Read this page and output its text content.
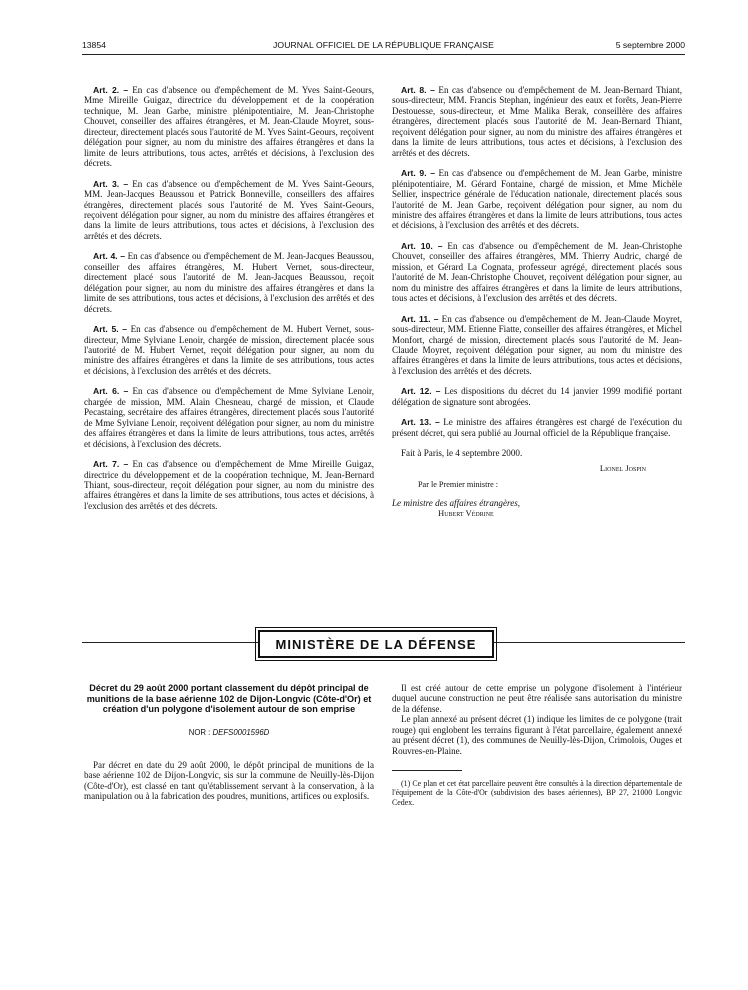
13854	JOURNAL OFFICIEL DE LA RÉPUBLIQUE FRANÇAISE	5 septembre 2000

Art. 2. – En cas d'absence ou d'empêchement de M. Yves Saint-Geours, Mme Mireille Guigaz, directrice du développement et de la coopération technique, M. Jean Garbe, ministre plénipotentiaire, M. Jean-Christophe Chouvet, conseiller des affaires étrangères, et M. Jean-Claude Moyret, sous-directeur, directement placés sous l'autorité de M. Yves Saint-Geours, reçoivent délégation pour signer, au nom du ministre des affaires étrangères et dans la limite de leurs attributions, tous actes, arrêtés et décisions, à l'exclusion des décrets.

Art. 3. – En cas d'absence ou d'empêchement de M. Yves Saint-Geours, MM. Jean-Jacques Beaussou et Patrick Bonneville, conseillers des affaires étrangères, directement placés sous l'autorité de M. Yves Saint-Geours, reçoivent délégation pour signer, au nom du ministre des affaires étrangères et dans la limite de leurs attributions, tous actes et décisions, à l'exclusion des arrêtés et des décrets.

Art. 4. – En cas d'absence ou d'empêchement de M. Jean-Jacques Beaussou, conseiller des affaires étrangères, M. Hubert Vernet, sous-directeur, directement placé sous l'autorité de M. Jean-Jacques Beaussou, reçoit délégation pour signer, au nom du ministre des affaires étrangères et dans la limite de ses attributions, tous actes et décisions, à l'exclusion des arrêtés et des décrets.

Art. 5. – En cas d'absence ou d'empêchement de M. Hubert Vernet, sous-directeur, Mme Sylviane Lenoir, chargée de mission, directement placée sous l'autorité de M. Hubert Vernet, reçoit délégation pour signer, au nom du ministre des affaires étrangères et dans la limite de ses attributions, tous actes et décisions, à l'exclusion des arrêtés et des décrets.

Art. 6. – En cas d'absence ou d'empêchement de Mme Sylviane Lenoir, chargée de mission, MM. Alain Chesneau, chargé de mission, et Claude Pecastaing, secrétaire des affaires étrangères, directement placés sous l'autorité de Mme Sylviane Lenoir, reçoivent délégation pour signer, au nom du ministre des affaires étrangères et dans la limite de leurs attributions, tous actes, arrêtés et décisions, à l'exclusion des décrets.

Art. 7. – En cas d'absence ou d'empêchement de Mme Mireille Guigaz, directrice du développement et de la coopération technique, M. Jean-Bernard Thiant, sous-directeur, reçoit délégation pour signer, au nom du ministre des affaires étrangères et dans la limite de ses attributions, tous actes et décisions, à l'exclusion des arrêtés et des décrets.

Art. 8. – En cas d'absence ou d'empêchement de M. Jean-Bernard Thiant, sous-directeur, MM. Francis Stephan, ingénieur des eaux et forêts, Jean-Pierre Destouesse, sous-directeur, et Mme Malika Berak, conseillère des affaires étrangères, directement placés sous l'autorité de M. Jean-Bernard Thiant, reçoivent délégation pour signer, au nom du ministre des affaires étrangères et dans la limite de leurs attributions, tous actes et décisions, à l'exclusion des arrêtés et des décrets.

Art. 9. – En cas d'absence ou d'empêchement de M. Jean Garbe, ministre plénipotentiaire, M. Gérard Fontaine, chargé de mission, et Mme Michèle Sellier, inspectrice générale de l'éducation nationale, directement placés sous l'autorité de M. Jean Garbe, reçoivent délégation pour signer, au nom du ministre des affaires étrangères et dans la limite de leurs attributions, tous actes et décisions, à l'exclusion des arrêtés et des décrets.

Art. 10. – En cas d'absence ou d'empêchement de M. Jean-Christophe Chouvet, conseiller des affaires étrangères, MM. Thierry Audric, chargé de mission, et Gérard La Cognata, professeur agrégé, directement placés sous l'autorité de M. Jean-Christophe Chouvet, reçoivent délégation pour signer, au nom du ministre des affaires étrangères et dans la limite de leurs attributions, tous actes et décisions, à l'exclusion des arrêtés et des décrets.

Art. 11. – En cas d'absence ou d'empêchement de M. Jean-Claude Moyret, sous-directeur, MM. Etienne Fiatte, conseiller des affaires étrangères, et Michel Monfort, chargé de mission, directement placés sous l'autorité de M. Jean-Claude Moyret, reçoivent délégation pour signer, au nom du ministre des affaires étrangères et dans la limite de leurs attributions, tous actes et décisions, à l'exclusion des arrêtés et des décrets.

Art. 12. – Les dispositions du décret du 14 janvier 1999 modifié portant délégation de signature sont abrogées.

Art. 13. – Le ministre des affaires étrangères est chargé de l'exécution du présent décret, qui sera publié au Journal officiel de la République française.

Fait à Paris, le 4 septembre 2000.

Lionel Jospin

Par le Premier ministre :

Le ministre des affaires étrangères,

Hubert Védrine

MINISTÈRE DE LA DÉFENSE

Décret du 29 août 2000 portant classement du dépôt principal de munitions de la base aérienne 102 de Dijon-Longvic (Côte-d'Or) et création d'un polygone d'isolement autour de son emprise

NOR : DEFS0001596D

Par décret en date du 29 août 2000, le dépôt principal de munitions de la base aérienne 102 de Dijon-Longvic, sis sur la commune de Neuilly-lès-Dijon (Côte-d'Or), est classé en tant qu'établissement servant à la conservation, à la manipulation ou à la fabrication des poudres, munitions, artifices ou explosifs.

Il est créé autour de cette emprise un polygone d'isolement à l'intérieur duquel aucune construction ne peut être réalisée sans autorisation du ministre de la défense.

Le plan annexé au présent décret (1) indique les limites de ce polygone (trait rouge) qui englobent les terrains figurant à l'état parcellaire, également annexé au présent décret (1), des communes de Neuilly-lès-Dijon, Crimolois, Ouges et Rouvres-en-Plaine.

(1) Ce plan et cet état parcellaire peuvent être consultés à la direction départementale de l'équipement de la Côte-d'Or (subdivision des bases aériennes), BP 27, 21000 Longvic Cedex.
